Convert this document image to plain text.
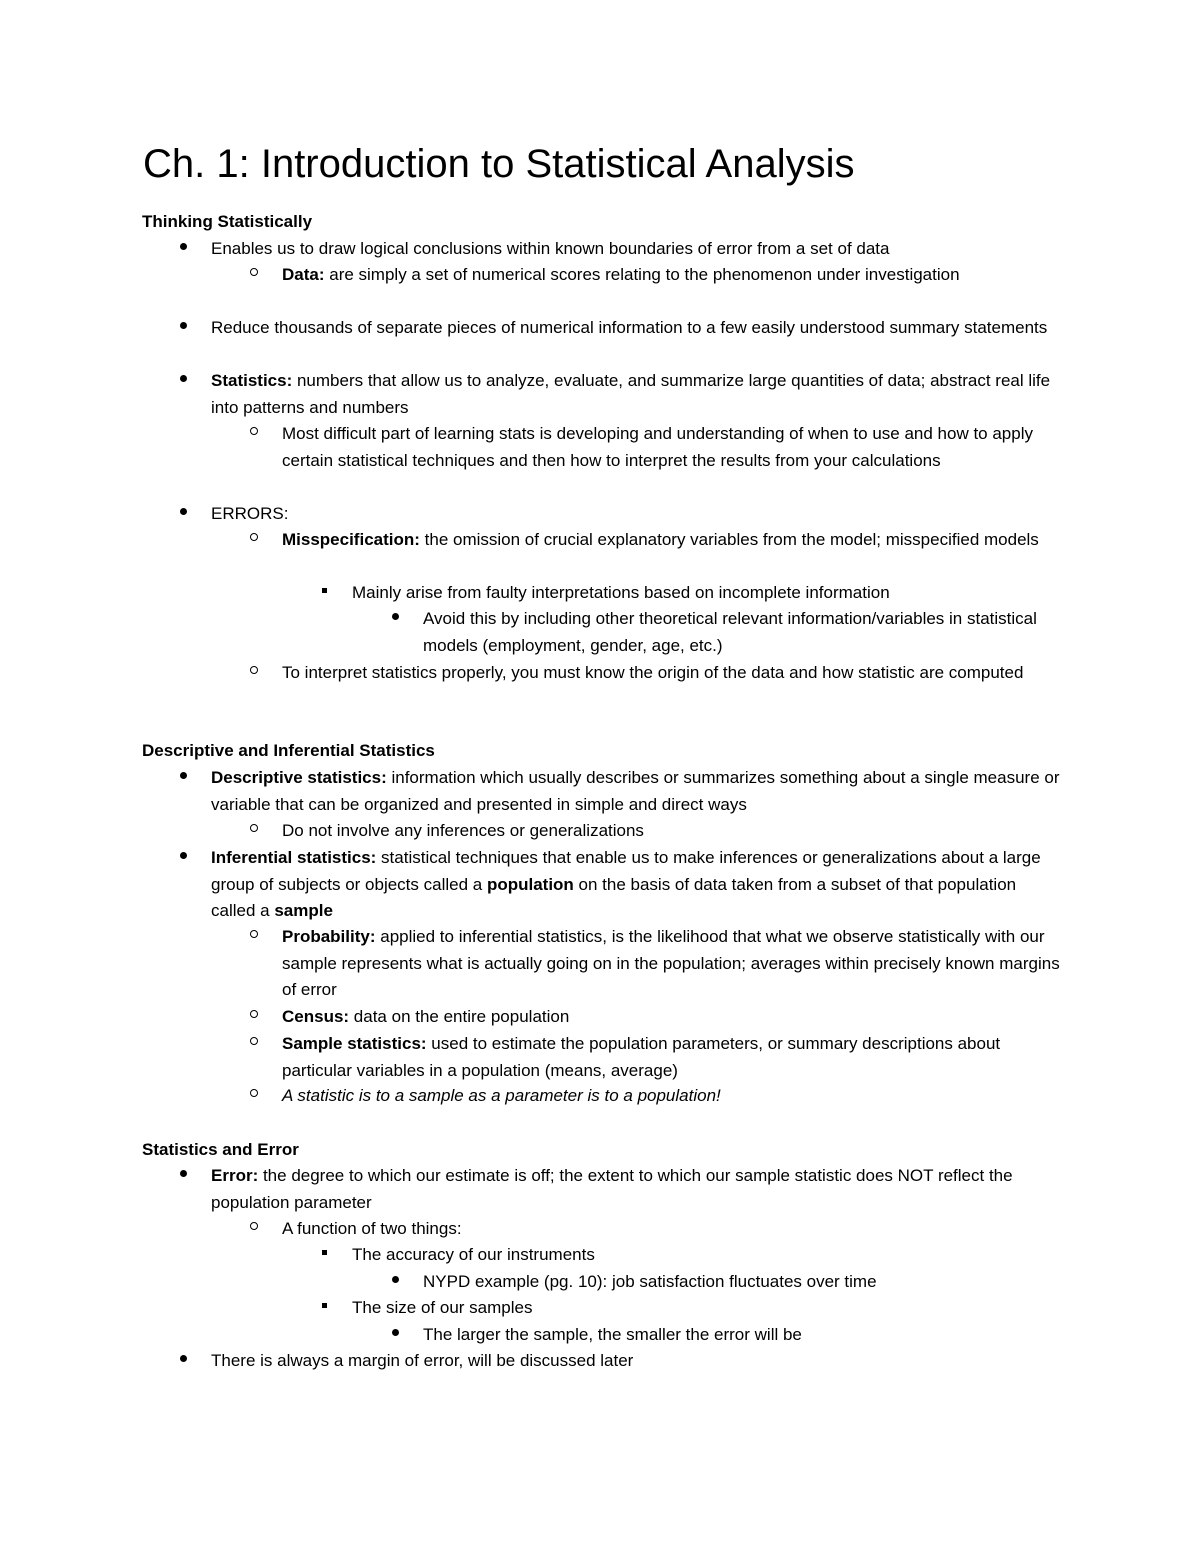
Ch. 1: Introduction to Statistical Analysis
Thinking Statistically
Enables us to draw logical conclusions within known boundaries of error from a set of data
Data: are simply a set of numerical scores relating to the phenomenon under investigation
Reduce thousands of separate pieces of numerical information to a few easily understood summary statements
Statistics: numbers that allow us to analyze, evaluate, and summarize large quantities of data; abstract real life into patterns and numbers
Most difficult part of learning stats is developing and understanding of when to use and how to apply certain statistical techniques and then how to interpret the results from your calculations
ERRORS:
Misspecification: the omission of crucial explanatory variables from the model; misspecified models
Mainly arise from faulty interpretations based on incomplete information
Avoid this by including other theoretical relevant information/variables in statistical models (employment, gender, age, etc.)
To interpret statistics properly, you must know the origin of the data and how statistic are computed
Descriptive and Inferential Statistics
Descriptive statistics: information which usually describes or summarizes something about a single measure or variable that can be organized and presented in simple and direct ways
Do not involve any inferences or generalizations
Inferential statistics: statistical techniques that enable us to make inferences or generalizations about a large group of subjects or objects called a population on the basis of data taken from a subset of that population called a sample
Probability: applied to inferential statistics, is the likelihood that what we observe statistically with our sample represents what is actually going on in the population; averages within precisely known margins of error
Census: data on the entire population
Sample statistics: used to estimate the population parameters, or summary descriptions about particular variables in a population (means, average)
A statistic is to a sample as a parameter is to a population!
Statistics and Error
Error: the degree to which our estimate is off; the extent to which our sample statistic does NOT reflect the population parameter
A function of two things:
The accuracy of our instruments
NYPD example (pg. 10): job satisfaction fluctuates over time
The size of our samples
The larger the sample, the smaller the error will be
There is always a margin of error, will be discussed later
